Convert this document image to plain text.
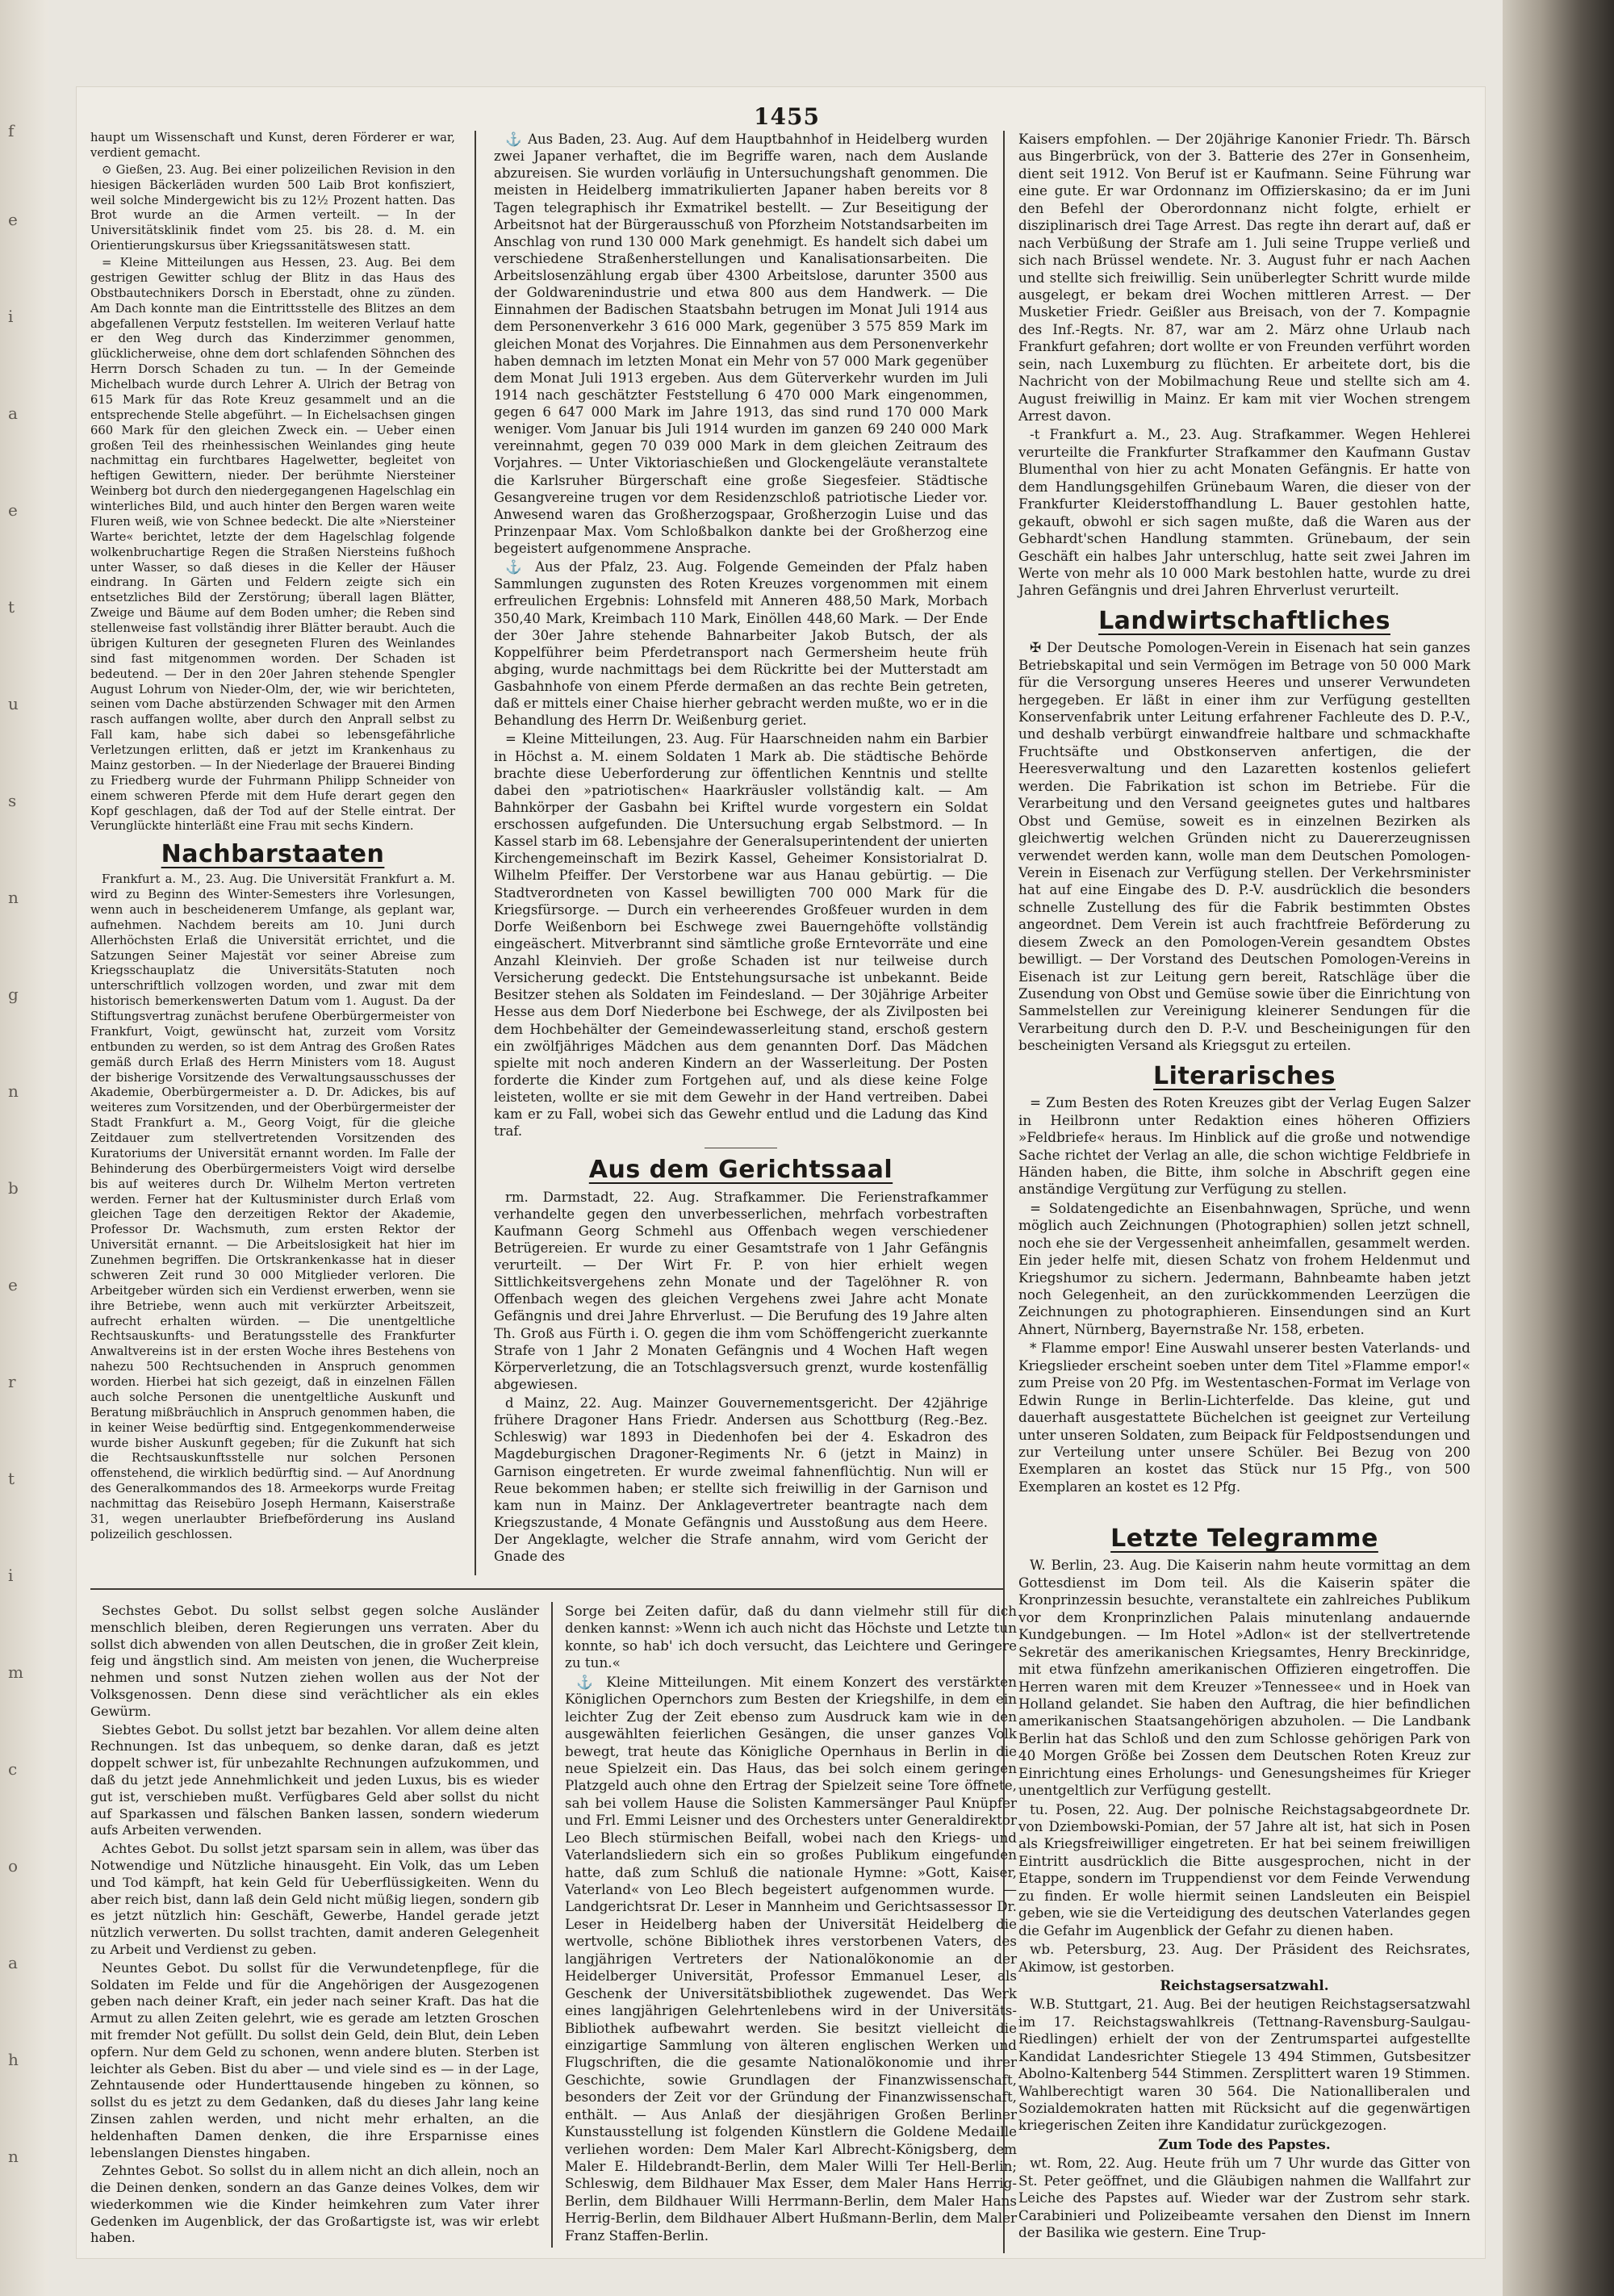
f
e
i
a
e
t
u
s
n
g
n
b
e
r
t
i
m
c
o
a
h
n
1455

haupt um Wissenschaft und Kunst, deren Förderer er war, verdient gemacht.

⊙ Gießen, 23. Aug. Bei einer polizeilichen Revision in den hiesigen Bäckerläden wurden 500 Laib Brot konfisziert, weil solche Mindergewicht bis zu 12½ Prozent hatten. Das Brot wurde an die Armen verteilt. — In der Universitätsklinik findet vom 25. bis 28. d. M. ein Orientierungskursus über Kriegssanitätswesen statt.

= Kleine Mitteilungen aus Hessen, 23. Aug. Bei dem gestrigen Gewitter schlug der Blitz in das Haus des Obstbautechnikers Dorsch in Eberstadt, ohne zu zünden. Am Dach konnte man die Eintrittsstelle des Blitzes an dem abgefallenen Verputz feststellen. Im weiteren Verlauf hatte er den Weg durch das Kinderzimmer genommen, glücklicherweise, ohne dem dort schlafenden Söhnchen des Herrn Dorsch Schaden zu tun. — In der Gemeinde Michelbach wurde durch Lehrer A. Ulrich der Betrag von 615 Mark für das Rote Kreuz gesammelt und an die entsprechende Stelle abgeführt. — In Eichelsachsen gingen 660 Mark für den gleichen Zweck ein. — Ueber einen großen Teil des rheinhessischen Weinlandes ging heute nachmittag ein furchtbares Hagelwetter, begleitet von heftigen Gewittern, nieder. Der berühmte Niersteiner Weinberg bot durch den niedergegangenen Hagelschlag ein winterliches Bild, und auch hinter den Bergen waren weite Fluren weiß, wie von Schnee bedeckt. Die alte »Niersteiner Warte« berichtet, letzte der dem Hagelschlag folgende wolkenbruchartige Regen die Straßen Niersteins fußhoch unter Wasser, so daß dieses in die Keller der Häuser eindrang. In Gärten und Feldern zeigte sich ein entsetzliches Bild der Zerstörung; überall lagen Blätter, Zweige und Bäume auf dem Boden umher; die Reben sind stellenweise fast vollständig ihrer Blätter beraubt. Auch die übrigen Kulturen der gesegneten Fluren des Weinlandes sind fast mitgenommen worden. Der Schaden ist bedeutend. — Der in den 20er Jahren stehende Spengler August Lohrum von Nieder-Olm, der, wie wir berichteten, seinen vom Dache abstürzenden Schwager mit den Armen rasch auffangen wollte, aber durch den Anprall selbst zu Fall kam, habe sich dabei so lebensgefährliche Verletzungen erlitten, daß er jetzt im Krankenhaus zu Mainz gestorben. — In der Niederlage der Brauerei Binding zu Friedberg wurde der Fuhrmann Philipp Schneider von einem schweren Pferde mit dem Hufe derart gegen den Kopf geschlagen, daß der Tod auf der Stelle eintrat. Der Verunglückte hinterläßt eine Frau mit sechs Kindern.

Nachbarstaaten

Frankfurt a. M., 23. Aug. Die Universität Frankfurt a. M. wird zu Beginn des Winter-Semesters ihre Vorlesungen, wenn auch in bescheidenerem Umfange, als geplant war, aufnehmen. Nachdem bereits am 10. Juni durch Allerhöchsten Erlaß die Universität errichtet, und die Satzungen Seiner Majestät vor seiner Abreise zum Kriegsschauplatz die Universitäts-Statuten noch unterschriftlich vollzogen worden, und zwar mit dem historisch bemerkenswerten Datum vom 1. August. Da der Stiftungsvertrag zunächst berufene Oberbürgermeister von Frankfurt, Voigt, gewünscht hat, zurzeit vom Vorsitz entbunden zu werden, so ist dem Antrag des Großen Rates gemäß durch Erlaß des Herrn Ministers vom 18. August der bisherige Vorsitzende des Verwaltungsausschusses der Akademie, Oberbürgermeister a. D. Dr. Adickes, bis auf weiteres zum Vorsitzenden, und der Oberbürgermeister der Stadt Frankfurt a. M., Georg Voigt, für die gleiche Zeitdauer zum stellvertretenden Vorsitzenden des Kuratoriums der Universität ernannt worden. Im Falle der Behinderung des Oberbürgermeisters Voigt wird derselbe bis auf weiteres durch Dr. Wilhelm Merton vertreten werden. Ferner hat der Kultusminister durch Erlaß vom gleichen Tage den derzeitigen Rektor der Akademie, Professor Dr. Wachsmuth, zum ersten Rektor der Universität ernannt. — Die Arbeitslosigkeit hat hier im Zunehmen begriffen. Die Ortskrankenkasse hat in dieser schweren Zeit rund 30 000 Mitglieder verloren. Die Arbeitgeber würden sich ein Verdienst erwerben, wenn sie ihre Betriebe, wenn auch mit verkürzter Arbeitszeit, aufrecht erhalten würden. — Die unentgeltliche Rechtsauskunfts- und Beratungsstelle des Frankfurter Anwaltvereins ist in der ersten Woche ihres Bestehens von nahezu 500 Rechtsuchenden in Anspruch genommen worden. Hierbei hat sich gezeigt, daß in einzelnen Fällen auch solche Personen die unentgeltliche Auskunft und Beratung mißbräuchlich in Anspruch genommen haben, die in keiner Weise bedürftig sind. Entgegenkommenderweise wurde bisher Auskunft gegeben; für die Zukunft hat sich die Rechtsauskunftsstelle nur solchen Personen offenstehend, die wirklich bedürftig sind. — Auf Anordnung des Generalkommandos des 18. Armeekorps wurde Freitag nachmittag das Reisebüro Joseph Hermann, Kaiserstraße 31, wegen unerlaubter Briefbeförderung ins Ausland polizeilich geschlossen.

⚓ Aus Baden, 23. Aug. Auf dem Hauptbahnhof in Heidelberg wurden zwei Japaner verhaftet, die im Begriffe waren, nach dem Auslande abzureisen. Sie wurden vorläufig in Untersuchungshaft genommen. Die meisten in Heidelberg immatrikulierten Japaner haben bereits vor 8 Tagen telegraphisch ihr Exmatrikel bestellt. — Zur Beseitigung der Arbeitsnot hat der Bürgerausschuß von Pforzheim Notstandsarbeiten im Anschlag von rund 130 000 Mark genehmigt. Es handelt sich dabei um verschiedene Straßenherstellungen und Kanalisationsarbeiten. Die Arbeitslosenzählung ergab über 4300 Arbeitslose, darunter 3500 aus der Goldwarenindustrie und etwa 800 aus dem Handwerk. — Die Einnahmen der Badischen Staatsbahn betrugen im Monat Juli 1914 aus dem Personenverkehr 3 616 000 Mark, gegenüber 3 575 859 Mark im gleichen Monat des Vorjahres. Die Einnahmen aus dem Personenverkehr haben demnach im letzten Monat ein Mehr von 57 000 Mark gegenüber dem Monat Juli 1913 ergeben. Aus dem Güterverkehr wurden im Juli 1914 nach geschätzter Feststellung 6 470 000 Mark eingenommen, gegen 6 647 000 Mark im Jahre 1913, das sind rund 170 000 Mark weniger. Vom Januar bis Juli 1914 wurden im ganzen 69 240 000 Mark vereinnahmt, gegen 70 039 000 Mark in dem gleichen Zeitraum des Vorjahres. — Unter Viktoriaschießen und Glockengeläute veranstaltete die Karlsruher Bürgerschaft eine große Siegesfeier. Städtische Gesangvereine trugen vor dem Residenzschloß patriotische Lieder vor. Anwesend waren das Großherzogspaar, Großherzogin Luise und das Prinzenpaar Max. Vom Schloßbalkon dankte bei der Großherzog eine begeistert aufgenommene Ansprache.

⚓ Aus der Pfalz, 23. Aug. Folgende Gemeinden der Pfalz haben Sammlungen zugunsten des Roten Kreuzes vorgenommen mit einem erfreulichen Ergebnis: Lohnsfeld mit Anneren 488,50 Mark, Morbach 350,40 Mark, Kreimbach 110 Mark, Einöllen 448,60 Mark. — Der Ende der 30er Jahre stehende Bahnarbeiter Jakob Butsch, der als Koppelführer beim Pferdetransport nach Germersheim heute früh abging, wurde nachmittags bei dem Rückritte bei der Mutterstadt am Gasbahnhofe von einem Pferde dermaßen an das rechte Bein getreten, daß er mittels einer Chaise hierher gebracht werden mußte, wo er in die Behandlung des Herrn Dr. Weißenburg geriet.

= Kleine Mitteilungen, 23. Aug. Für Haarschneiden nahm ein Barbier in Höchst a. M. einem Soldaten 1 Mark ab. Die städtische Behörde brachte diese Ueberforderung zur öffentlichen Kenntnis und stellte dabei den »patriotischen« Haarkräusler vollständig kalt. — Am Bahnkörper der Gasbahn bei Kriftel wurde vorgestern ein Soldat erschossen aufgefunden. Die Untersuchung ergab Selbstmord. — In Kassel starb im 68. Lebensjahre der Generalsuperintendent der unierten Kirchengemeinschaft im Bezirk Kassel, Geheimer Konsistorialrat D. Wilhelm Pfeiffer. Der Verstorbene war aus Hanau gebürtig. — Die Stadtverordneten von Kassel bewilligten 700 000 Mark für die Kriegsfürsorge. — Durch ein verheerendes Großfeuer wurden in dem Dorfe Weißenborn bei Eschwege zwei Bauerngehöfte vollständig eingeäschert. Mitverbrannt sind sämtliche große Erntevorräte und eine Anzahl Kleinvieh. Der große Schaden ist nur teilweise durch Versicherung gedeckt. Die Entstehungsursache ist unbekannt. Beide Besitzer stehen als Soldaten im Feindesland. — Der 30jährige Arbeiter Hesse aus dem Dorf Niederbone bei Eschwege, der als Zivilposten bei dem Hochbehälter der Gemeindewasserleitung stand, erschoß gestern ein zwölfjähriges Mädchen aus dem genannten Dorf. Das Mädchen spielte mit noch anderen Kindern an der Wasserleitung. Der Posten forderte die Kinder zum Fortgehen auf, und als diese keine Folge leisteten, wollte er sie mit dem Gewehr in der Hand vertreiben. Dabei kam er zu Fall, wobei sich das Gewehr entlud und die Ladung das Kind traf.

Aus dem Gerichtssaal

rm. Darmstadt, 22. Aug. Strafkammer. Die Ferienstrafkammer verhandelte gegen den unverbesserlichen, mehrfach vorbestraften Kaufmann Georg Schmehl aus Offenbach wegen verschiedener Betrügereien. Er wurde zu einer Gesamtstrafe von 1 Jahr Gefängnis verurteilt. — Der Wirt Fr. P. von hier erhielt wegen Sittlichkeitsvergehens zehn Monate und der Tagelöhner R. von Offenbach wegen des gleichen Vergehens zwei Jahre acht Monate Gefängnis und drei Jahre Ehrverlust. — Die Berufung des 19 Jahre alten Th. Groß aus Fürth i. O. gegen die ihm vom Schöffengericht zuerkannte Strafe von 1 Jahr 2 Monaten Gefängnis und 4 Wochen Haft wegen Körperverletzung, die an Totschlagsversuch grenzt, wurde kostenfällig abgewiesen.

d Mainz, 22. Aug. Mainzer Gouvernementsgericht. Der 42jährige frühere Dragoner Hans Friedr. Andersen aus Schottburg (Reg.-Bez. Schleswig) war 1893 in Diedenhofen bei der 4. Eskadron des Magdeburgischen Dragoner-Regiments Nr. 6 (jetzt in Mainz) in Garnison eingetreten. Er wurde zweimal fahnenflüchtig. Nun will er Reue bekommen haben; er stellte sich freiwillig in der Garnison und kam nun in Mainz. Der Anklagevertreter beantragte nach dem Kriegszustande, 4 Monate Gefängnis und Ausstoßung aus dem Heere. Der Angeklagte, welcher die Strafe annahm, wird vom Gericht der Gnade des

Kaisers empfohlen. — Der 20jährige Kanonier Friedr. Th. Bärsch aus Bingerbrück, von der 3. Batterie des 27er in Gonsenheim, dient seit 1912. Von Beruf ist er Kaufmann. Seine Führung war eine gute. Er war Ordonnanz im Offizierskasino; da er im Juni den Befehl der Oberordonnanz nicht folgte, erhielt er disziplinarisch drei Tage Arrest. Das regte ihn derart auf, daß er nach Verbüßung der Strafe am 1. Juli seine Truppe verließ und sich nach Brüssel wendete. Nr. 3. August fuhr er nach Aachen und stellte sich freiwillig. Sein unüberlegter Schritt wurde milde ausgelegt, er bekam drei Wochen mittleren Arrest. — Der Musketier Friedr. Geißler aus Breisach, von der 7. Kompagnie des Inf.-Regts. Nr. 87, war am 2. März ohne Urlaub nach Frankfurt gefahren; dort wollte er von Freunden verführt worden sein, nach Luxemburg zu flüchten. Er arbeitete dort, bis die Nachricht von der Mobilmachung Reue und stellte sich am 4. August freiwillig in Mainz. Er kam mit vier Wochen strengem Arrest davon.

-t Frankfurt a. M., 23. Aug. Strafkammer. Wegen Hehlerei verurteilte die Frankfurter Strafkammer den Kaufmann Gustav Blumenthal von hier zu acht Monaten Gefängnis. Er hatte von dem Handlungsgehilfen Grünebaum Waren, die dieser von der Frankfurter Kleiderstoffhandlung L. Bauer gestohlen hatte, gekauft, obwohl er sich sagen mußte, daß die Waren aus der Gebhardt'schen Handlung stammten. Grünebaum, der sein Geschäft ein halbes Jahr unterschlug, hatte seit zwei Jahren im Werte von mehr als 10 000 Mark bestohlen hatte, wurde zu drei Jahren Gefängnis und drei Jahren Ehrverlust verurteilt.

Landwirtschaftliches

✠ Der Deutsche Pomologen-Verein in Eisenach hat sein ganzes Betriebskapital und sein Vermögen im Betrage von 50 000 Mark für die Versorgung unseres Heeres und unserer Verwundeten hergegeben. Er läßt in einer ihm zur Verfügung gestellten Konservenfabrik unter Leitung erfahrener Fachleute des D. P.-V., und deshalb verbürgt einwandfreie haltbare und schmackhafte Fruchtsäfte und Obstkonserven anfertigen, die der Heeresverwaltung und den Lazaretten kostenlos geliefert werden. Die Fabrikation ist schon im Betriebe. Für die Verarbeitung und den Versand geeignetes gutes und haltbares Obst und Gemüse, soweit es in einzelnen Bezirken als gleichwertig welchen Gründen nicht zu Dauererzeugnissen verwendet werden kann, wolle man dem Deutschen Pomologen-Verein in Eisenach zur Verfügung stellen. Der Verkehrsminister hat auf eine Eingabe des D. P.-V. ausdrücklich die besonders schnelle Zustellung des für die Fabrik bestimmten Obstes angeordnet. Dem Verein ist auch frachtfreie Beförderung zu diesem Zweck an den Pomologen-Verein gesandtem Obstes bewilligt. — Der Vorstand des Deutschen Pomologen-Vereins in Eisenach ist zur Leitung gern bereit, Ratschläge über die Zusendung von Obst und Gemüse sowie über die Einrichtung von Sammelstellen zur Vereinigung kleinerer Sendungen für die Verarbeitung durch den D. P.-V. und Bescheinigungen für den bescheinigten Versand als Kriegsgut zu erteilen.

Literarisches

= Zum Besten des Roten Kreuzes gibt der Verlag Eugen Salzer in Heilbronn unter Redaktion eines höheren Offiziers »Feldbriefe« heraus. Im Hinblick auf die große und notwendige Sache richtet der Verlag an alle, die schon wichtige Feldbriefe in Händen haben, die Bitte, ihm solche in Abschrift gegen eine anständige Vergütung zur Verfügung zu stellen.

= Soldatengedichte an Eisenbahnwagen, Sprüche, und wenn möglich auch Zeichnungen (Photographien) sollen jetzt schnell, noch ehe sie der Vergessenheit anheimfallen, gesammelt werden. Ein jeder helfe mit, diesen Schatz von frohem Heldenmut und Kriegshumor zu sichern. Jedermann, Bahnbeamte haben jetzt noch Gelegenheit, an den zurückkommenden Leerzügen die Zeichnungen zu photographieren. Einsendungen sind an Kurt Ahnert, Nürnberg, Bayernstraße Nr. 158, erbeten.

* Flamme empor! Eine Auswahl unserer besten Vaterlands- und Kriegslieder erscheint soeben unter dem Titel »Flamme empor!« zum Preise von 20 Pfg. im Westentaschen-Format im Verlage von Edwin Runge in Berlin-Lichterfelde. Das kleine, gut und dauerhaft ausgestattete Büchelchen ist geeignet zur Verteilung unter unseren Soldaten, zum Beipack für Feldpostsendungen und zur Verteilung unter unsere Schüler. Bei Bezug von 200 Exemplaren an kostet das Stück nur 15 Pfg., von 500 Exemplaren an kostet es 12 Pfg.

Sechstes Gebot. Du sollst selbst gegen solche Ausländer menschlich bleiben, deren Regierungen uns verraten. Aber du sollst dich abwenden von allen Deutschen, die in großer Zeit klein, feig und ängstlich sind. Am meisten von jenen, die Wucherpreise nehmen und sonst Nutzen ziehen wollen aus der Not der Volksgenossen. Denn diese sind verächtlicher als ein ekles Gewürm.

Siebtes Gebot. Du sollst jetzt bar bezahlen. Vor allem deine alten Rechnungen. Ist das unbequem, so denke daran, daß es jetzt doppelt schwer ist, für unbezahlte Rechnungen aufzukommen, und daß du jetzt jede Annehmlichkeit und jeden Luxus, bis es wieder gut ist, verschieben mußt. Verfügbares Geld aber sollst du nicht auf Sparkassen und fälschen Banken lassen, sondern wiederum aufs Arbeiten verwenden.

Achtes Gebot. Du sollst jetzt sparsam sein in allem, was über das Notwendige und Nützliche hinausgeht. Ein Volk, das um Leben und Tod kämpft, hat kein Geld für Ueberflüssigkeiten. Wenn du aber reich bist, dann laß dein Geld nicht müßig liegen, sondern gib es jetzt nützlich hin: Geschäft, Gewerbe, Handel gerade jetzt nützlich verwerten. Du sollst trachten, damit anderen Gelegenheit zu Arbeit und Verdienst zu geben.

Neuntes Gebot. Du sollst für die Verwundetenpflege, für die Soldaten im Felde und für die Angehörigen der Ausgezogenen geben nach deiner Kraft, ein jeder nach seiner Kraft. Das hat die Armut zu allen Zeiten gelehrt, wie es gerade am letzten Groschen mit fremder Not gefüllt. Du sollst dein Geld, dein Blut, dein Leben opfern. Nur dem Geld zu schonen, wenn andere bluten. Sterben ist leichter als Geben. Bist du aber — und viele sind es — in der Lage, Zehntausende oder Hunderttausende hingeben zu können, so sollst du es jetzt zu dem Gedanken, daß du dieses Jahr lang keine Zinsen zahlen werden, und nicht mehr erhalten, an die heldenhaften Damen denken, die ihre Ersparnisse eines lebenslangen Dienstes hingaben.

Zehntes Gebot. So sollst du in allem nicht an dich allein, noch an die Deinen denken, sondern an das Ganze deines Volkes, dem wir wiederkommen wie die Kinder heimkehren zum Vater ihrer Gedenken im Augenblick, der das Großartigste ist, was wir erlebt haben.

Sorge bei Zeiten dafür, daß du dann vielmehr still für dich denken kannst: »Wenn ich auch nicht das Höchste und Letzte tun konnte, so hab' ich doch versucht, das Leichtere und Geringere zu tun.«

⚓ Kleine Mitteilungen. Mit einem Konzert des verstärkten Königlichen Opernchors zum Besten der Kriegshilfe, in dem ein leichter Zug der Zeit ebenso zum Ausdruck kam wie in den ausgewählten feierlichen Gesängen, die unser ganzes Volk bewegt, trat heute das Königliche Opernhaus in Berlin in die neue Spielzeit ein. Das Haus, das bei solch einem geringen Platzgeld auch ohne den Ertrag der Spielzeit seine Tore öffnete, sah bei vollem Hause die Solisten Kammersänger Paul Knüpfer und Frl. Emmi Leisner und des Orchesters unter Generaldirektor Leo Blech stürmischen Beifall, wobei nach den Kriegs- und Vaterlandsliedern sich ein so großes Publikum eingefunden hatte, daß zum Schluß die nationale Hymne: »Gott, Kaiser, Vaterland« von Leo Blech begeistert aufgenommen wurde. — Landgerichtsrat Dr. Leser in Mannheim und Gerichtsassessor Dr. Leser in Heidelberg haben der Universität Heidelberg die wertvolle, schöne Bibliothek ihres verstorbenen Vaters, des langjährigen Vertreters der Nationalökonomie an der Heidelberger Universität, Professor Emmanuel Leser, als Geschenk der Universitätsbibliothek zugewendet. Das Werk eines langjährigen Gelehrtenlebens wird in der Universitäts-Bibliothek aufbewahrt werden. Sie besitzt vielleicht die einzigartige Sammlung von älteren englischen Werken und Flugschriften, die die gesamte Nationalökonomie und ihrer Geschichte, sowie Grundlagen der Finanzwissenschaft, besonders der Zeit vor der Gründung der Finanzwissenschaft, enthält. — Aus Anlaß der diesjährigen Großen Berliner Kunstausstellung ist folgenden Künstlern die Goldene Medaille verliehen worden: Dem Maler Karl Albrecht-Königsberg, dem Maler E. Hildebrandt-Berlin, dem Maler Willi Ter Hell-Berlin; Schleswig, dem Bildhauer Max Esser, dem Maler Hans Herrig-Berlin, dem Bildhauer Willi Herrmann-Berlin, dem Maler Hans Herrig-Berlin, dem Bildhauer Albert Hußmann-Berlin, dem Maler Franz Staffen-Berlin.

Letzte Telegramme

W. Berlin, 23. Aug. Die Kaiserin nahm heute vormittag an dem Gottesdienst im Dom teil. Als die Kaiserin später die Kronprinzessin besuchte, veranstaltete ein zahlreiches Publikum vor dem Kronprinzlichen Palais minutenlang andauernde Kundgebungen. — Im Hotel »Adlon« ist der stellvertretende Sekretär des amerikanischen Kriegsamtes, Henry Breckinridge, mit etwa fünfzehn amerikanischen Offizieren eingetroffen. Die Herren waren mit dem Kreuzer »Tennessee« und in Hoek van Holland gelandet. Sie haben den Auftrag, die hier befindlichen amerikanischen Staatsangehörigen abzuholen. — Die Landbank Berlin hat das Schloß und den zum Schlosse gehörigen Park von 40 Morgen Größe bei Zossen dem Deutschen Roten Kreuz zur Einrichtung eines Erholungs- und Genesungsheimes für Krieger unentgeltlich zur Verfügung gestellt.

tu. Posen, 22. Aug. Der polnische Reichstagsabgeordnete Dr. von Dziembowski-Pomian, der 57 Jahre alt ist, hat sich in Posen als Kriegsfreiwilliger eingetreten. Er hat bei seinem freiwilligen Eintritt ausdrücklich die Bitte ausgesprochen, nicht in der Etappe, sondern im Truppendienst vor dem Feinde Verwendung zu finden. Er wolle hiermit seinen Landsleuten ein Beispiel geben, wie sie die Verteidigung des deutschen Vaterlandes gegen die Gefahr im Augenblick der Gefahr zu dienen haben.

wb. Petersburg, 23. Aug. Der Präsident des Reichsrates, Akimow, ist gestorben.

Reichstagsersatzwahl.

W.B. Stuttgart, 21. Aug. Bei der heutigen Reichstagsersatzwahl im 17. Reichstagswahlkreis (Tettnang-Ravensburg-Saulgau-Riedlingen) erhielt der von der Zentrumspartei aufgestellte Kandidat Landesrichter Stiegele 13 494 Stimmen, Gutsbesitzer Abolno-Kaltenberg 544 Stimmen. Zersplittert waren 19 Stimmen. Wahlberechtigt waren 30 564. Die Nationalliberalen und Sozialdemokraten hatten mit Rücksicht auf die gegenwärtigen kriegerischen Zeiten ihre Kandidatur zurückgezogen.

Zum Tode des Papstes.

wt. Rom, 22. Aug. Heute früh um 7 Uhr wurde das Gitter von St. Peter geöffnet, und die Gläubigen nahmen die Wallfahrt zur Leiche des Papstes auf. Wieder war der Zustrom sehr stark. Carabinieri und Polizeibeamte versahen den Dienst im Innern der Basilika wie gestern. Eine Trup-
